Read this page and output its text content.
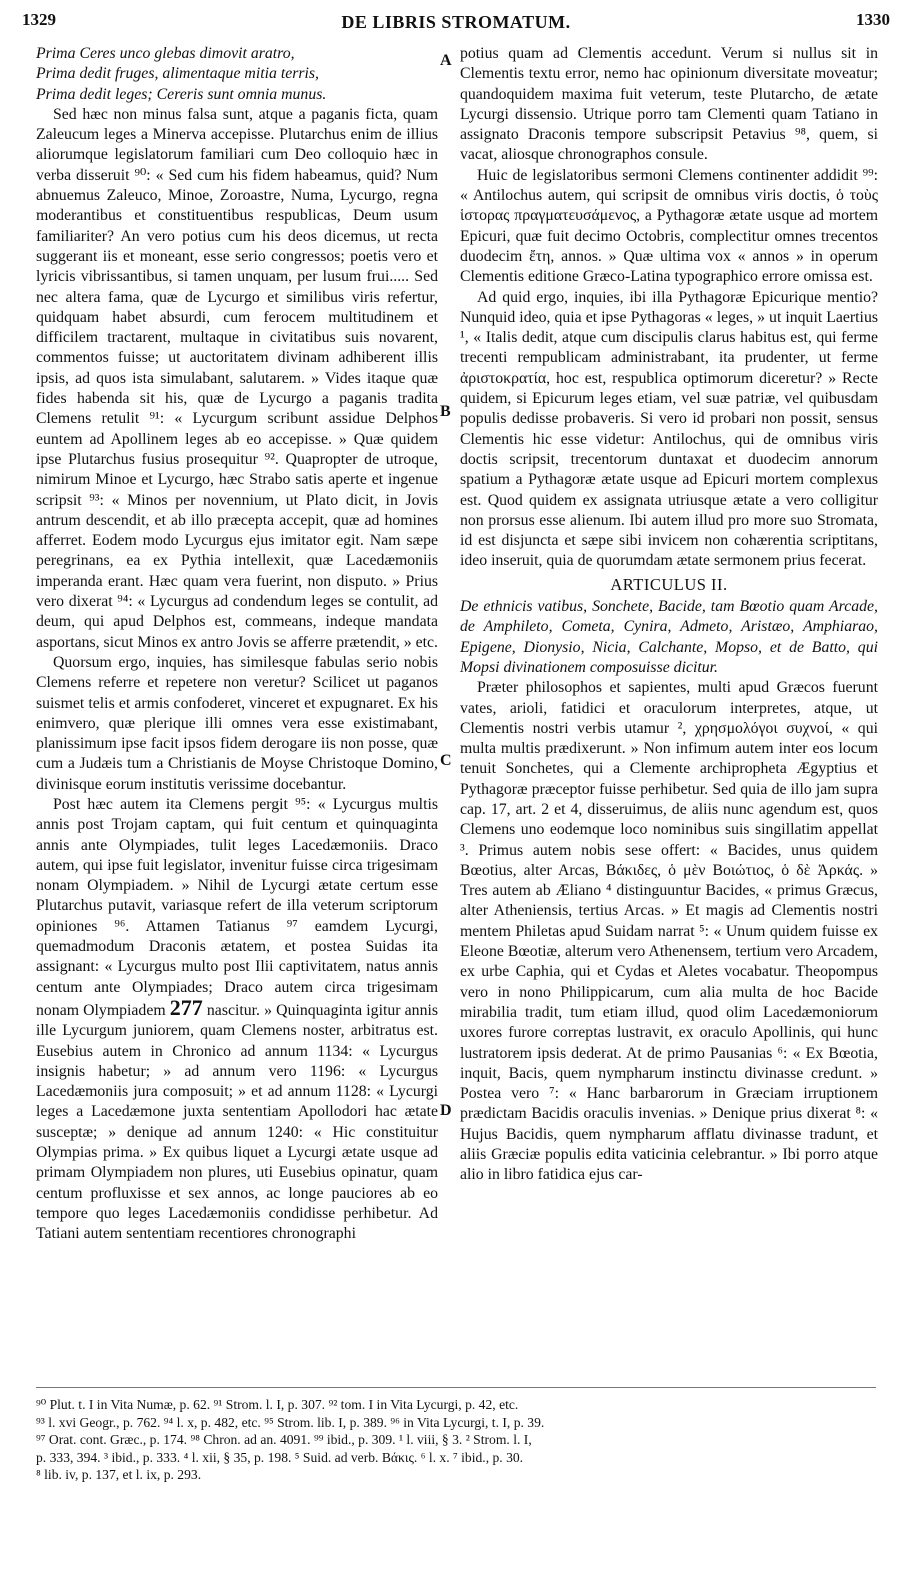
1329	DE LIBRIS STROMATUM.	1330

Prima Ceres unco glebas dimovit aratro,

Prima dedit fruges, alimentaque mitia terris,

Prima dedit leges; Cereris sunt omnia munus.

Sed hæc non minus falsa sunt, atque a paganis ficta, quam Zaleucum leges a Minerva accepisse. Plutarchus enim de illius aliorumque legislatorum familiari cum Deo colloquio hæc in verba disseruit ⁹⁰: « Sed cum his fidem habeamus, quid? Num abnuemus Zaleuco, Minoe, Zoroastre, Numa, Lycurgo, regna moderantibus et constituentibus respublicas, Deum usum familiariter? An vero potius cum his deos dicemus, ut recta suggerant iis et moneant, esse serio congressos; poetis vero et lyricis vibrissantibus, si tamen unquam, per lusum frui..... Sed nec altera fama, quæ de Lycurgo et similibus viris refertur, quidquam habet absurdi, cum ferocem multitudinem et difficilem tractarent, multaque in civitatibus suis novarent, commentos fuisse; ut auctoritatem divinam adhiberent illis ipsis, ad quos ista simulabant, salutarem. » Vides itaque quæ fides habenda sit his, quæ de Lycurgo a paganis tradita Clemens retulit ⁹¹: « Lycurgum scribunt assidue Delphos euntem ad Apollinem leges ab eo accepisse. » Quæ quidem ipse Plutarchus fusius prosequitur ⁹². Quapropter de utroque, nimirum Minoe et Lycurgo, hæc Strabo satis aperte et ingenue scripsit ⁹³: « Minos per novennium, ut Plato dicit, in Jovis antrum descendit, et ab illo præcepta accepit, quæ ad homines afferret. Eodem modo Lycurgus ejus imitator egit. Nam sæpe peregrinans, ea ex Pythia intellexit, quæ Lacedæmoniis imperanda erant. Hæc quam vera fuerint, non disputo. » Prius vero dixerat ⁹⁴: « Lycurgus ad condendum leges se contulit, ad deum, qui apud Delphos est, commeans, indeque mandata asportans, sicut Minos ex antro Jovis se afferre prætendit, » etc.

Quorsum ergo, inquies, has similesque fabulas serio nobis Clemens referre et repetere non veretur? Scilicet ut paganos suismet telis et armis confoderet, vinceret et expugnaret. Ex his enimvero, quæ plerique illi omnes vera esse existimabant, planissimum ipse facit ipsos fidem derogare iis non posse, quæ cum a Judæis tum a Christianis de Moyse Christoque Domino, divinisque eorum institutis verissime docebantur.

Post hæc autem ita Clemens pergit ⁹⁵: « Lycurgus multis annis post Trojam captam, qui fuit centum et quinquaginta annis ante Olympiades, tulit leges Lacedæmoniis. Draco autem, qui ipse fuit legislator, invenitur fuisse circa trigesimam nonam Olympiadem. » Nihil de Lycurgi ætate certum esse Plutarchus putavit, variasque refert de illa veterum scriptorum opiniones ⁹⁶. Attamen Tatianus ⁹⁷ eamdem Lycurgi, quemadmodum Draconis ætatem, et postea Suidas ita assignant: « Lycurgus multo post Ilii captivitatem, natus annis centum ante Olympiades; Draco autem circa trigesimam nonam Olympiadem 277 nascitur. » Quinquaginta igitur annis ille Lycurgum juniorem, quam Clemens noster, arbitratus est. Eusebius autem in Chronico ad annum 1134: « Lycurgus insignis habetur; » ad annum vero 1196: « Lycurgus Lacedæmoniis jura composuit; » et ad annum 1128: « Lycurgi leges a Lacedæmone juxta sententiam Apollodori hac ætate susceptæ; » denique ad annum 1240: « Hic constituitur Olympias prima. » Ex quibus liquet a Lycurgi ætate usque ad primam Olympiadem non plures, uti Eusebius opinatur, quam centum profluxisse et sex annos, ac longe pauciores ab eo tempore quo leges Lacedæmoniis condidisse perhibetur. Ad Tatiani autem sententiam recentiores chronographi

A
B
C
D

potius quam ad Clementis accedunt. Verum si nullus sit in Clementis textu error, nemo hac opinionum diversitate moveatur; quandoquidem maxima fuit veterum, teste Plutarcho, de ætate Lycurgi dissensio. Utrique porro tam Clementi quam Tatiano in assignato Draconis tempore subscripsit Petavius ⁹⁸, quem, si vacat, aliosque chronographos consule.

Huic de legislatoribus sermoni Clemens continenter addidit ⁹⁹: « Antilochus autem, qui scripsit de omnibus viris doctis, ὁ τοὺς ἱστορας πραγματευσάμενος, a Pythagoræ ætate usque ad mortem Epicuri, quæ fuit decimo Octobris, complectitur omnes trecentos duodecim ἔτη, annos. » Quæ ultima vox « annos » in operum Clementis editione Græco-Latina typographico errore omissa est.

Ad quid ergo, inquies, ibi illa Pythagoræ Epicurique mentio? Nunquid ideo, quia et ipse Pythagoras « leges, » ut inquit Laertius ¹, « Italis dedit, atque cum discipulis clarus habitus est, qui ferme trecenti rempublicam administrabant, ita prudenter, ut ferme ἀριστοκρατία, hoc est, respublica optimorum diceretur? » Recte quidem, si Epicurum leges etiam, vel suæ patriæ, vel quibusdam populis dedisse probaveris. Si vero id probari non possit, sensus Clementis hic esse videtur: Antilochus, qui de omnibus viris doctis scripsit, trecentorum duntaxat et duodecim annorum spatium a Pythagoræ ætate usque ad Epicuri mortem complexus est. Quod quidem ex assignata utriusque ætate a vero colligitur non prorsus esse alienum. Ibi autem illud pro more suo Stromata, id est disjuncta et sæpe sibi invicem non cohærentia scriptitans, ideo inseruit, quia de quorumdam ætate sermonem prius fecerat.

ARTICULUS II.

De ethnicis vatibus, Sonchete, Bacide, tam Bœotio quam Arcade, de Amphileto, Cometa, Cynira, Admeto, Aristæo, Amphiarao, Epigene, Dionysio, Nicia, Calchante, Mopso, et de Batto, qui Mopsi divinationem composuisse dicitur.

Præter philosophos et sapientes, multi apud Græcos fuerunt vates, arioli, fatidici et oraculorum interpretes, atque, ut Clementis nostri verbis utamur ², χρησμολόγοι συχνοί, « qui multa multis prædixerunt. » Non infimum autem inter eos locum tenuit Sonchetes, qui a Clemente archipropheta Ægyptius et Pythagoræ præceptor fuisse perhibetur. Sed quia de illo jam supra cap. 17, art. 2 et 4, disseruimus, de aliis nunc agendum est, quos Clemens uno eodemque loco nominibus suis singillatim appellat ³. Primus autem nobis sese offert: « Bacides, unus quidem Bœotius, alter Arcas, Βάκιδες, ὁ μὲν Βοιώτιος, ὁ δὲ Ἀρκάς. » Tres autem ab Æliano ⁴ distinguuntur Bacides, « primus Græcus, alter Atheniensis, tertius Arcas. » Et magis ad Clementis nostri mentem Philetas apud Suidam narrat ⁵: « Unum quidem fuisse ex Eleone Bœotiæ, alterum vero Athenensem, tertium vero Arcadem, ex urbe Caphia, qui et Cydas et Aletes vocabatur. Theopompus vero in nono Philippicarum, cum alia multa de hoc Bacide mirabilia tradit, tum etiam illud, quod olim Lacedæmoniorum uxores furore correptas lustravit, ex oraculo Apollinis, qui hunc lustratorem ipsis dederat. At de primo Pausanias ⁶: « Ex Bœotia, inquit, Bacis, quem nympharum instinctu divinasse credunt. » Postea vero ⁷: « Hanc barbarorum in Græciam irruptionem prædictam Bacidis oraculis invenias. » Denique prius dixerat ⁸: « Hujus Bacidis, quem nympharum afflatu divinasse tradunt, et aliis Græciæ populis edita vaticinia celebrantur. » Ibi porro atque alio in libro fatidica ejus car-

⁹⁰ Plut. t. I in Vita Numæ, p. 62. ⁹¹ Strom. l. I, p. 307. ⁹² tom. I in Vita Lycurgi, p. 42, etc.
⁹³ l. xvi Geogr., p. 762. ⁹⁴ l. x, p. 482, etc. ⁹⁵ Strom. lib. I, p. 389. ⁹⁶ in Vita Lycurgi, t. I, p. 39.
⁹⁷ Orat. cont. Græc., p. 174. ⁹⁸ Chron. ad an. 4091. ⁹⁹ ibid., p. 309. ¹ l. viii, § 3. ² Strom. l. I,
p. 333, 394. ³ ibid., p. 333. ⁴ l. xii, § 35, p. 198. ⁵ Suid. ad verb. Βάκις. ⁶ l. x. ⁷ ibid., p. 30.
⁸ lib. iv, p. 137, et l. ix, p. 293.
